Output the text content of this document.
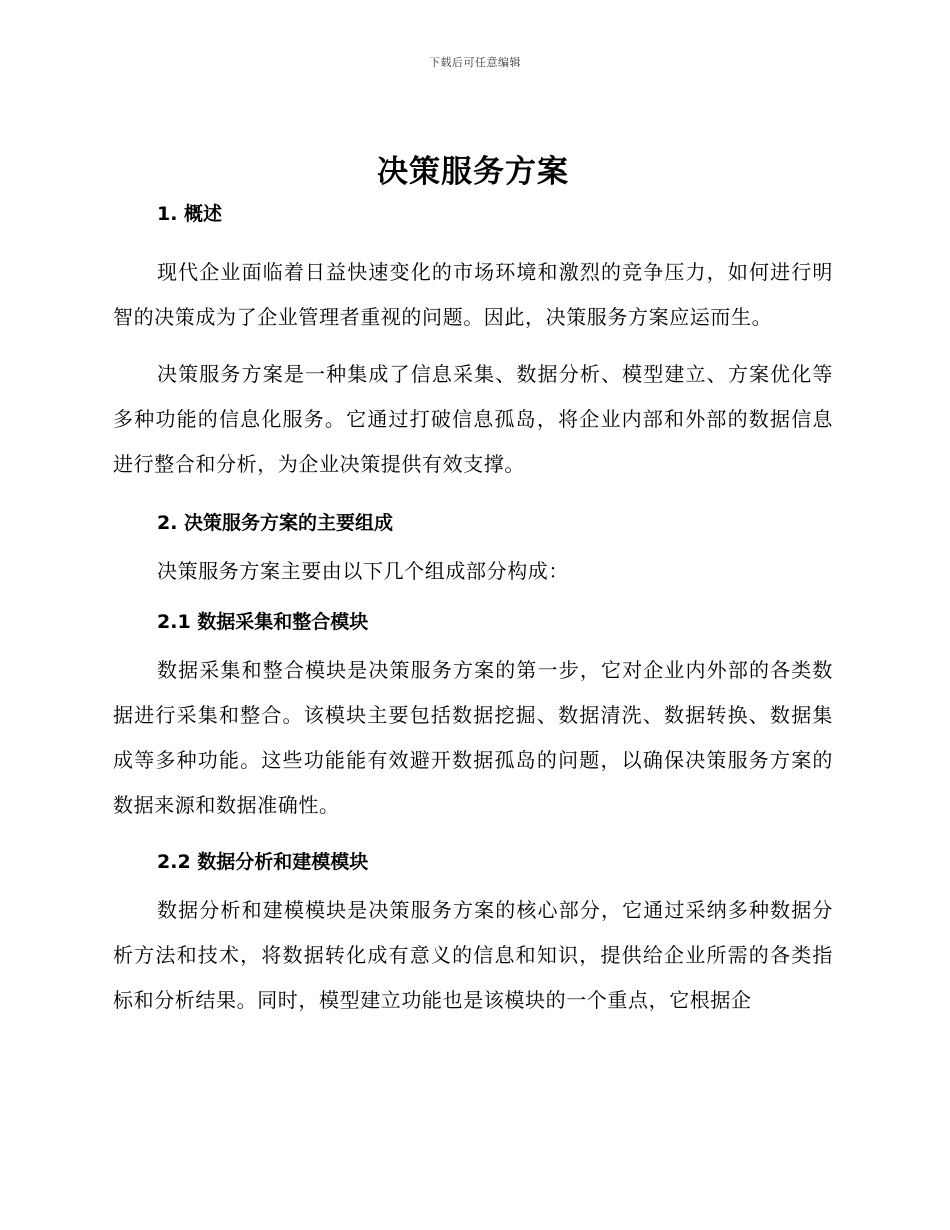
下载后可任意编辑
决策服务方案
1. 概述

现代企业面临着日益快速变化的市场环境和激烈的竞争压力，如何进行明智的决策成为了企业管理者重视的问题。因此，决策服务方案应运而生。

决策服务方案是一种集成了信息采集、数据分析、模型建立、方案优化等多种功能的信息化服务。它通过打破信息孤岛，将企业内部和外部的数据信息进行整合和分析，为企业决策提供有效支撑。

2. 决策服务方案的主要组成

决策服务方案主要由以下几个组成部分构成：

2.1 数据采集和整合模块

数据采集和整合模块是决策服务方案的第一步，它对企业内外部的各类数据进行采集和整合。该模块主要包括数据挖掘、数据清洗、数据转换、数据集成等多种功能。这些功能能有效避开数据孤岛的问题，以确保决策服务方案的数据来源和数据准确性。

2.2 数据分析和建模模块

数据分析和建模模块是决策服务方案的核心部分，它通过采纳多种数据分析方法和技术，将数据转化成有意义的信息和知识，提供给企业所需的各类指标和分析结果。同时，模型建立功能也是该模块的一个重点，它根据企
